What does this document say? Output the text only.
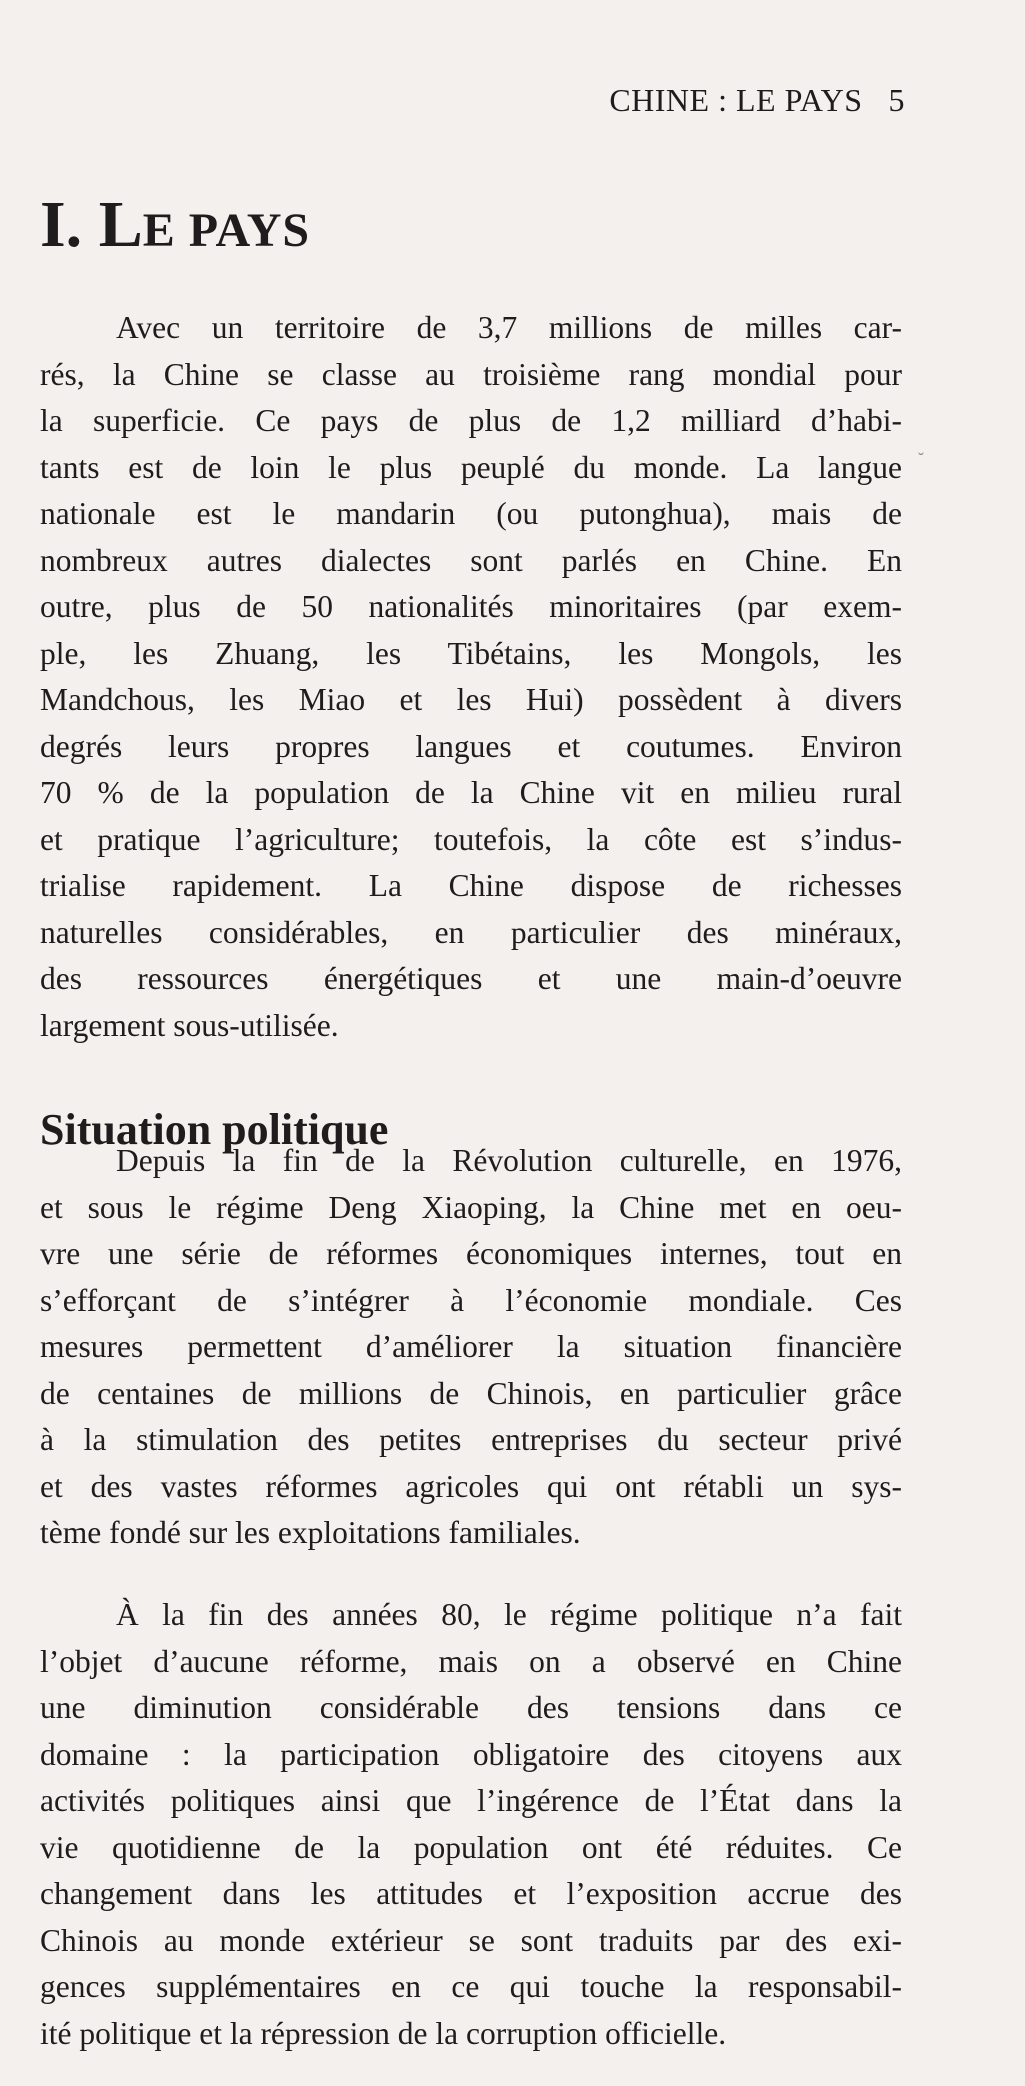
CHINE : LE PAYS 5
˘
I. LE PAYS
Avec un territoire de 3,7 millions de milles car-
rés, la Chine se classe au troisième rang mondial pour
la superficie. Ce pays de plus de 1,2 milliard d’habi-
tants est de loin le plus peuplé du monde. La langue
nationale est le mandarin (ou putonghua), mais de
nombreux autres dialectes sont parlés en Chine. En
outre, plus de 50 nationalités minoritaires (par exem-
ple, les Zhuang, les Tibétains, les Mongols, les
Mandchous, les Miao et les Hui) possèdent à divers
degrés leurs propres langues et coutumes. Environ
70 % de la population de la Chine vit en milieu rural
et pratique l’agriculture; toutefois, la côte est s’indus-
trialise rapidement. La Chine dispose de richesses
naturelles considérables, en particulier des minéraux,
des ressources énergétiques et une main-d’oeuvre
largement sous-utilisée.
Situation politique
Depuis la fin de la Révolution culturelle, en 1976,
et sous le régime Deng Xiaoping, la Chine met en oeu-
vre une série de réformes économiques internes, tout en
s’efforçant de s’intégrer à l’économie mondiale. Ces
mesures permettent d’améliorer la situation financière
de centaines de millions de Chinois, en particulier grâce
à la stimulation des petites entreprises du secteur privé
et des vastes réformes agricoles qui ont rétabli un sys-
tème fondé sur les exploitations familiales.
À la fin des années 80, le régime politique n’a fait
l’objet d’aucune réforme, mais on a observé en Chine
une diminution considérable des tensions dans ce
domaine : la participation obligatoire des citoyens aux
activités politiques ainsi que l’ingérence de l’État dans la
vie quotidienne de la population ont été réduites. Ce
changement dans les attitudes et l’exposition accrue des
Chinois au monde extérieur se sont traduits par des exi-
gences supplémentaires en ce qui touche la responsabil-
ité politique et la répression de la corruption officielle.
